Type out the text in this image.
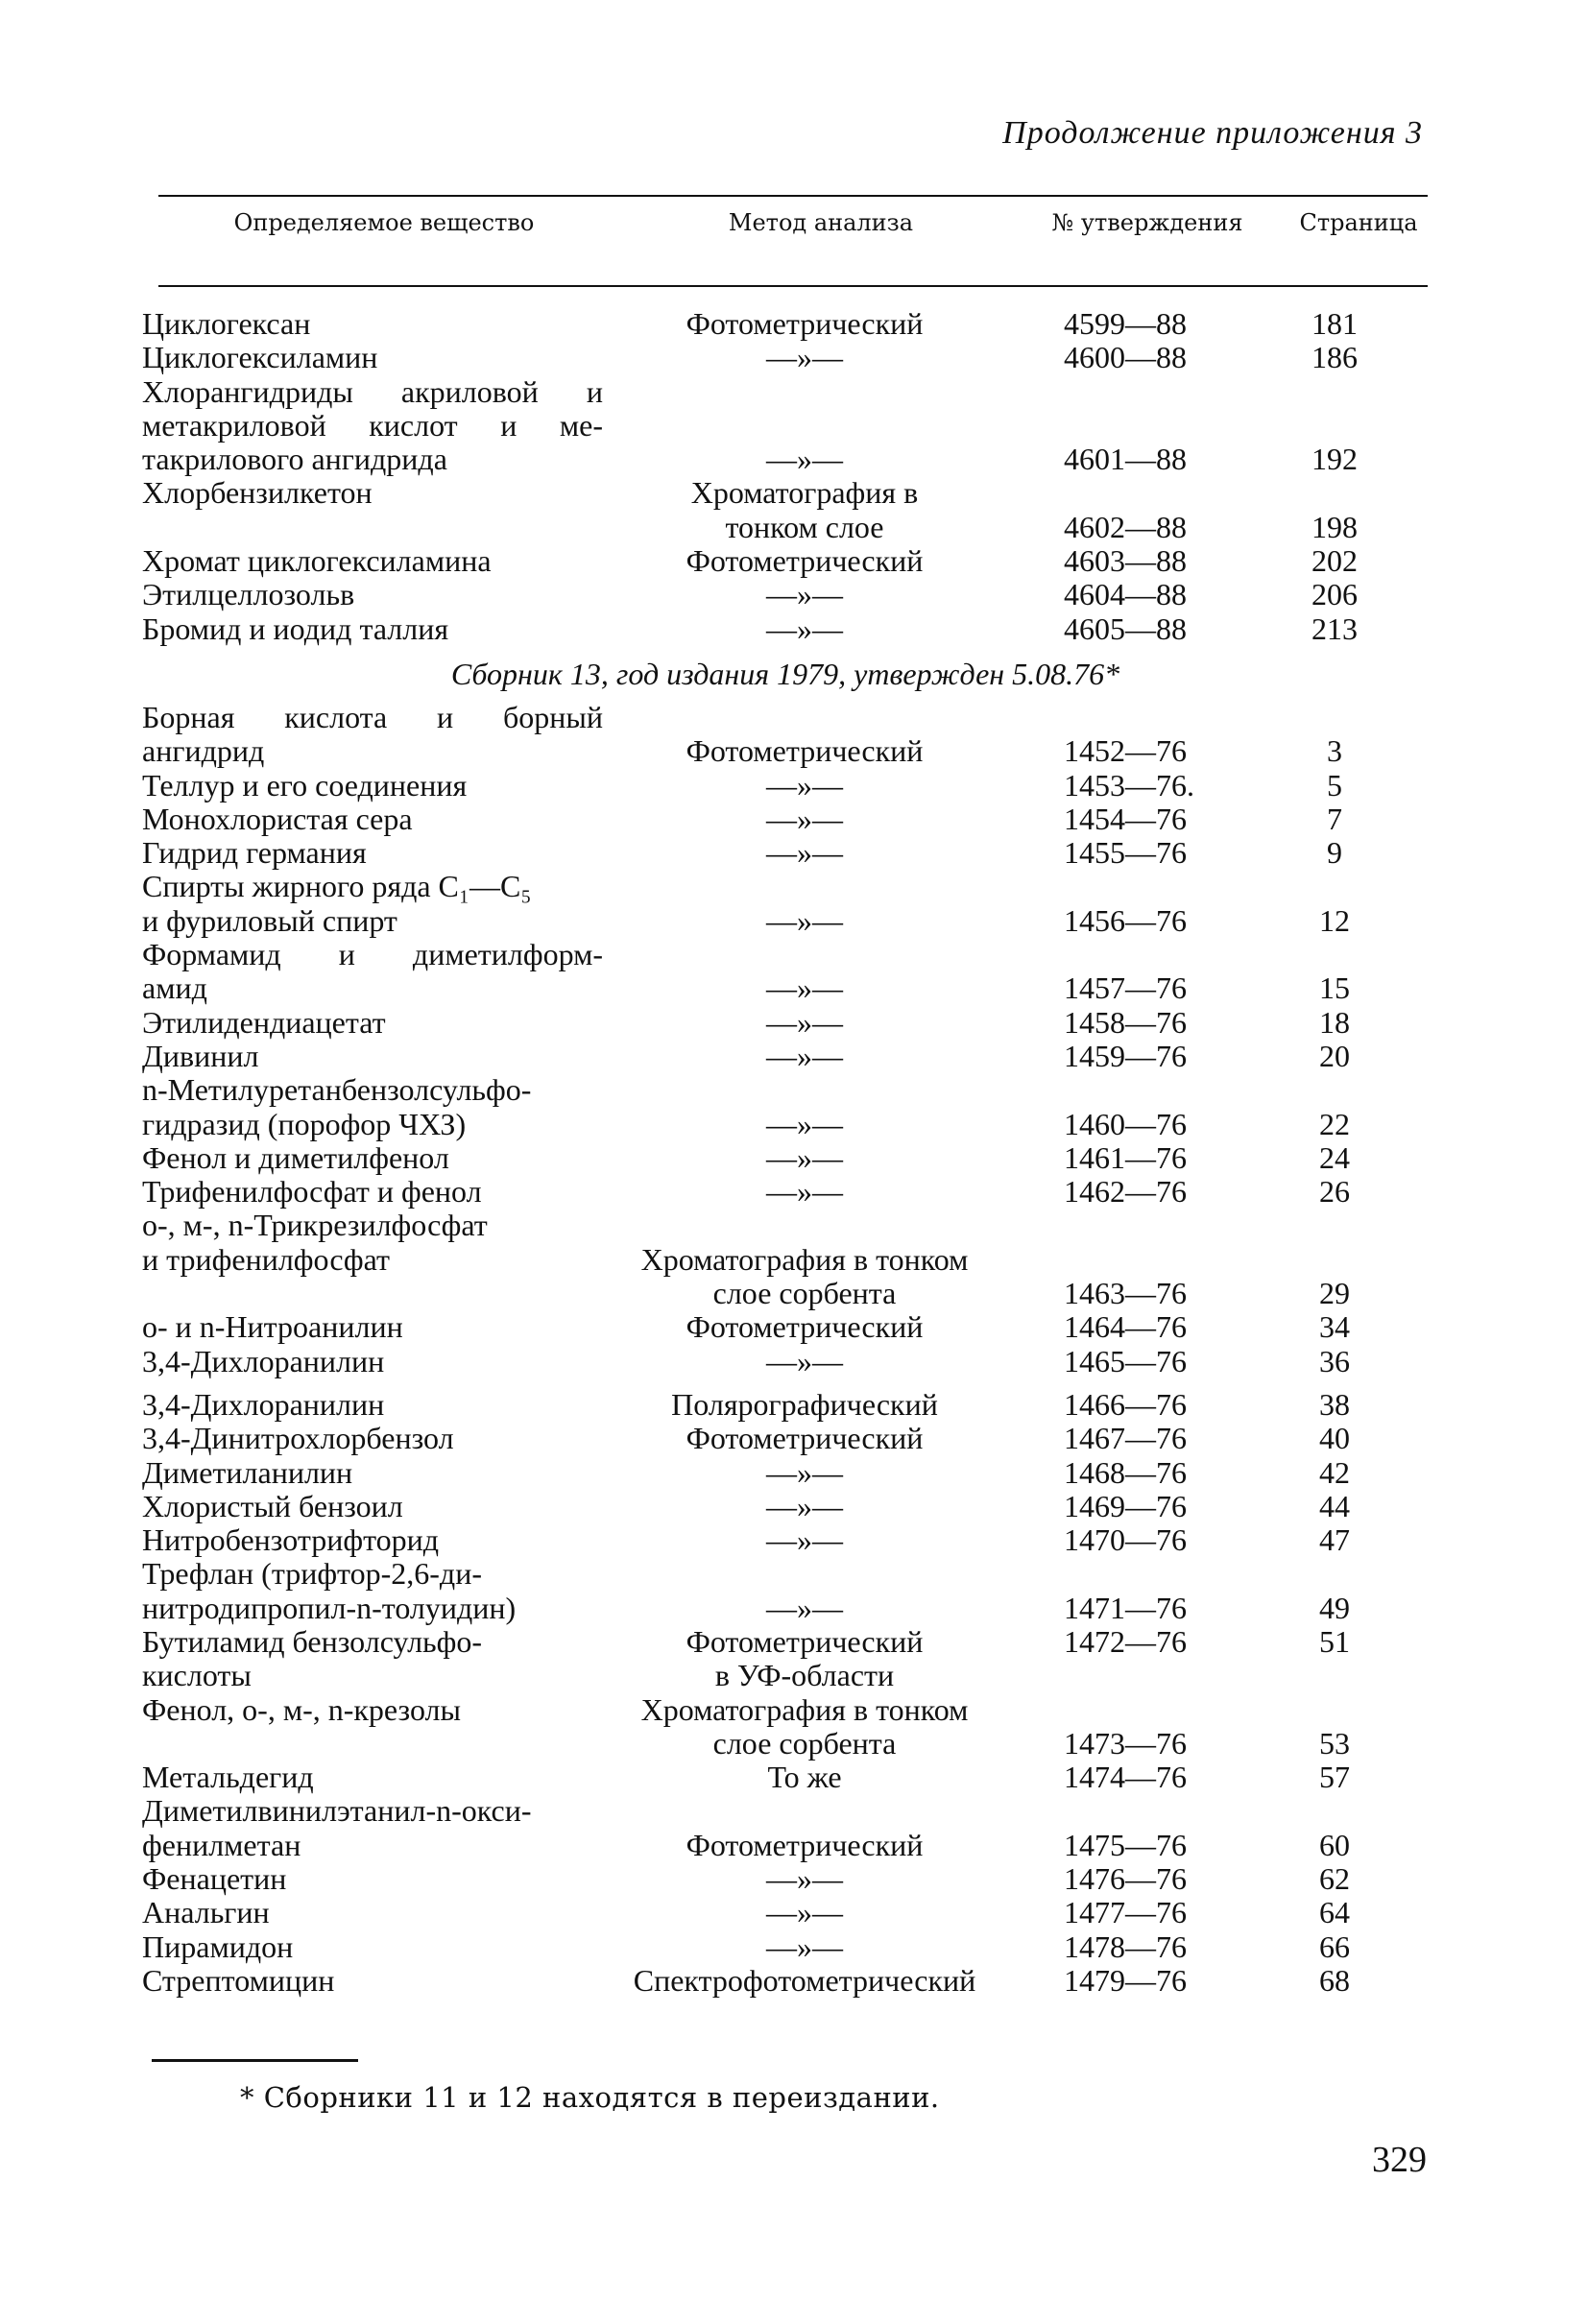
Продолжение приложения 3
Определяемое вещество	Метод анализа	№ утверждения	Страница
Циклогексан	Фотометрический	4599—88	181
Циклогексиламин	—»—	4600—88	186
Хлорангидриды акриловой и
метакриловой кислот и ме-
такрилового ангидрида	—»—	4601—88	192
Хлорбензилкетон	Хроматография в
тонком слое	4602—88	198
Хромат циклогексиламина	Фотометрический	4603—88	202
Этилцеллозольв	—»—	4604—88	206
Бромид и иодид таллия	—»—	4605—88	213
Сборник 13, год издания 1979, утвержден 5.08.76*
Борная кислота и борный
ангидрид	Фотометрический	1452—76	3
Теллур и его соединения	—»—	1453—76.	5
Монохлористая сера	—»—	1454—76	7
Гидрид германия	—»—	1455—76	9
Спирты жирного ряда C₁—C₅
и фуриловый спирт	—»—	1456—76	12
Формамид и диметилформ-
амид	—»—	1457—76	15
Этилидендиацетат	—»—	1458—76	18
Дивинил	—»—	1459—76	20
n-Метилуретанбензолсульфо-
гидразид (порофор ЧХЗ)	—»—	1460—76	22
Фенол и диметилфенол	—»—	1461—76	24
Трифенилфосфат и фенол	—»—	1462—76	26
o-, м-, n-Трикрезилфосфат
и трифенилфосфат	Хроматография в тонком
слое сорбента	1463—76	29
o- и n-Нитроанилин	Фотометрический	1464—76	34
3,4-Дихлоранилин	—»—	1465—76	36
3,4-Дихлоранилин	Полярографический	1466—76	38
3,4-Динитрохлорбензол	Фотометрический	1467—76	40
Диметиланилин	—»—	1468—76	42
Хлористый бензоил	—»—	1469—76	44
Нитробензотрифторид	—»—	1470—76	47
Трефлан (трифтор-2,6-ди-
нитродипропил-n-толуидин)	—»—	1471—76	49
Бутиламид бензолсульфо-	Фотометрический	1472—76	51
кислоты	в УФ-области
Фенол, o-, м-, n-крезолы	Хроматография в тонком
слое сорбента	1473—76	53
Метальдегид	То же	1474—76	57
Диметилвинилэтанил-n-окси-
фенилметан	Фотометрический	1475—76	60
Фенацетин	—»—	1476—76	62
Анальгин	—»—	1477—76	64
Пирамидон	—»—	1478—76	66
Стрептомицин	Спектрофотометрический	1479—76	68
* Сборники 11 и 12 находятся в переиздании.
329
